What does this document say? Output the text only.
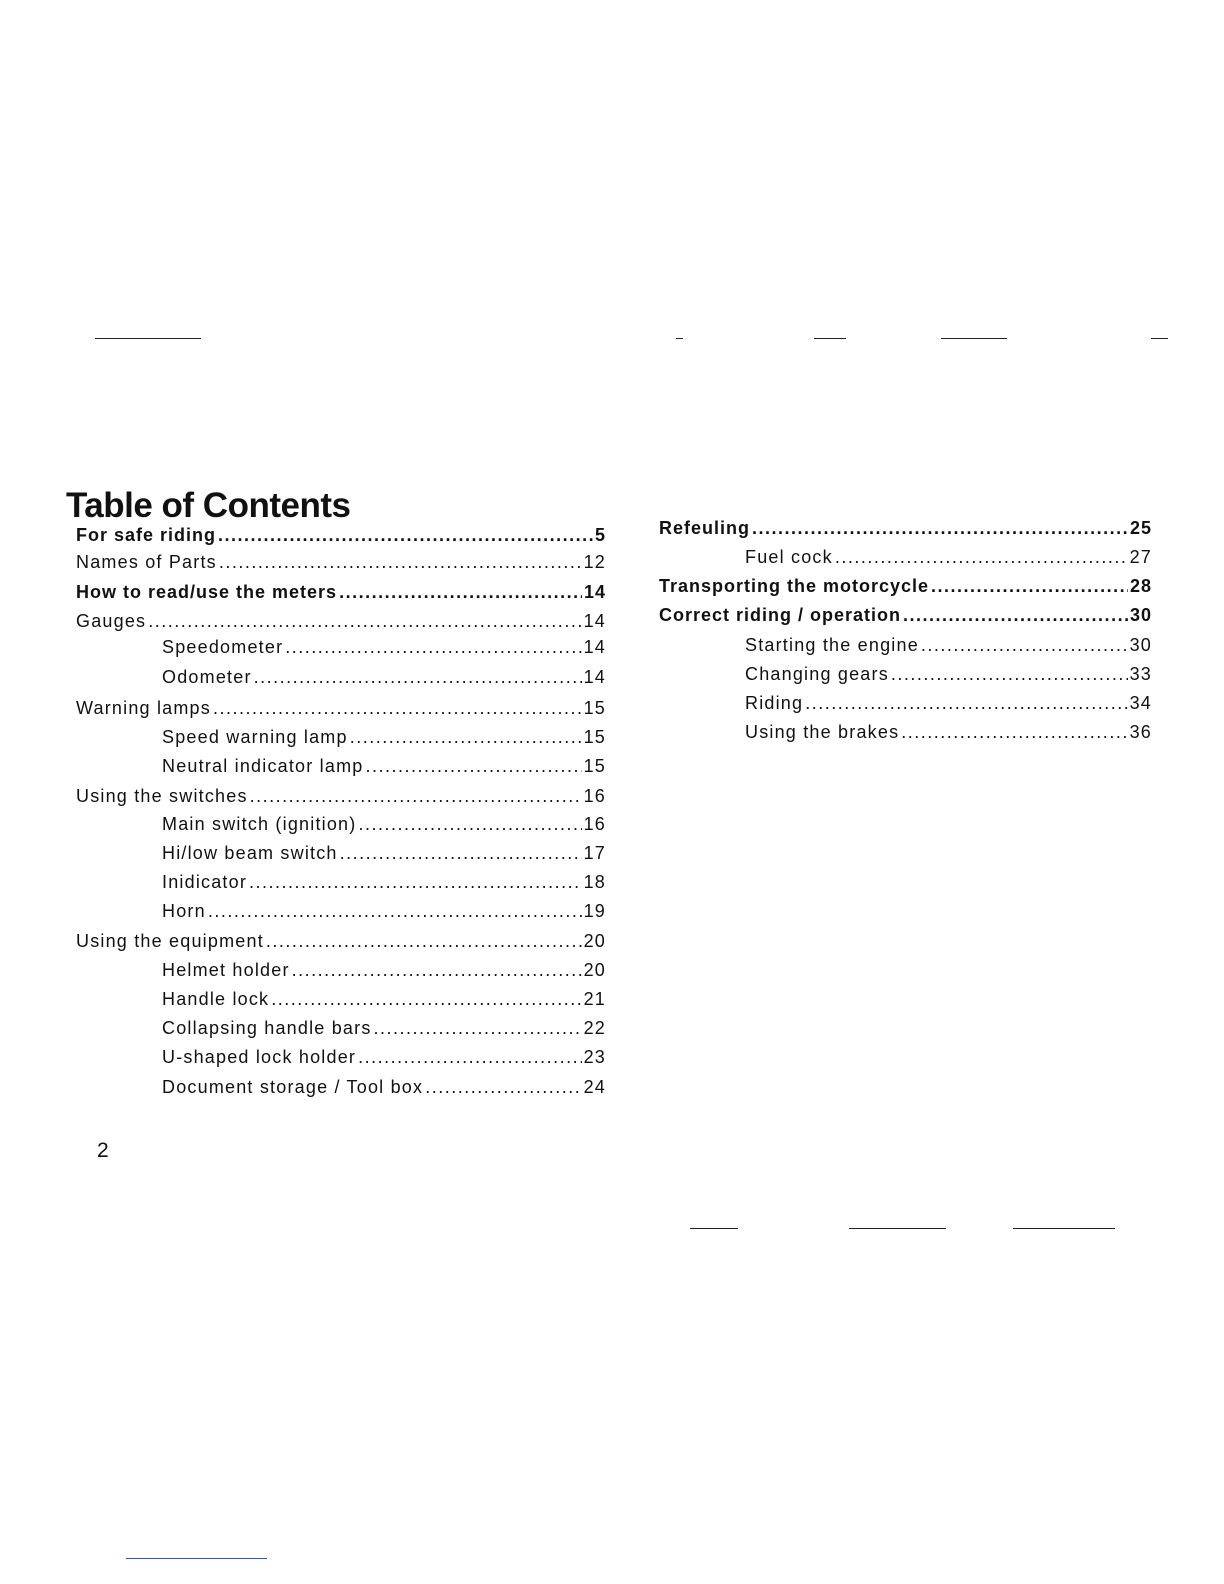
Table of Contents
For safe riding .....	5
Names of Parts .....	12
How to read/use the meters .....	14
Gauges .....	14
Speedometer .....	14
Odometer .....	14
Warning lamps .....	15
Speed warning lamp .....	15
Neutral indicator lamp .....	15
Using the switches .....	16
Main switch (ignition) .....	16
Hi/low beam switch .....	17
Inidicator .....	18
Horn .....	19
Using the equipment .....	20
Helmet holder .....	20
Handle lock .....	21
Collapsing handle bars .....	22
U-shaped lock holder .....	23
Document storage / Tool box .....	24
Refeuling .....	25
Fuel cock .....	27
Transporting the motorcycle .....	28
Correct riding / operation .....	30
Starting the engine .....	30
Changing gears .....	33
Riding .....	34
Using the brakes .....	36

2
